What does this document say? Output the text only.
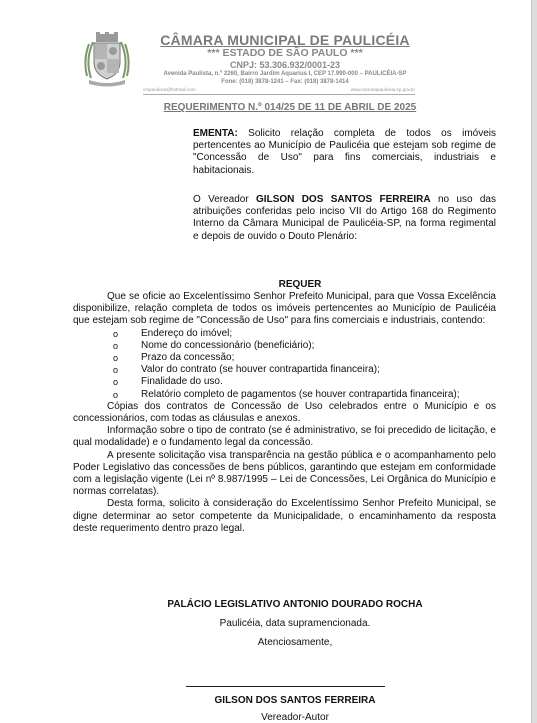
CÂMARA MUNICIPAL DE PAULICÉIA
*** ESTADO DE SÃO PAULO ***
CNPJ: 53.306.932/0001-23
Avenida Paulista, n.º 2260, Bairro Jardim Aquarius I, CEP 17.990-000 – PAULICÉIA-SP
Fone: (018) 3878-1241 – Fax: (018) 3878-1414
cmpaulicea@hotmail.com	www.camarapauliceia.sp.gov.br
REQUERIMENTO N.º 014/25 DE 11 DE ABRIL DE 2025
EMENTA: Solicito relação completa de todos os imóveis pertencentes ao Município de Paulicéia que estejam sob regime de "Concessão de Uso" para fins comerciais, industriais e habitacionais.
O Vereador GILSON DOS SANTOS FERREIRA no uso das atribuições conferidas pelo inciso VII do Artigo 168 do Regimento Interno da Câmara Municipal de Paulicéia-SP, na forma regimental e depois de ouvido o Douto Plenário:
REQUER

Que se oficie ao Excelentíssimo Senhor Prefeito Municipal, para que Vossa Excelência disponibilize, relação completa de todos os imóveis pertencentes ao Município de Paulicéia que estejam sob regime de "Concessão de Uso" para fins comerciais e industriais, contendo:

o Endereço do imóvel;
o Nome do concessionário (beneficiário);
o Prazo da concessão;
o Valor do contrato (se houver contrapartida financeira);
o Finalidade do uso.
o Relatório completo de pagamentos (se houver contrapartida financeira);

Cópias dos contratos de Concessão de Uso celebrados entre o Município e os concessionários, com todas as cláusulas e anexos.

Informação sobre o tipo de contrato (se é administrativo, se foi precedido de licitação, e qual modalidade) e o fundamento legal da concessão.

A presente solicitação visa transparência na gestão pública e o acompanhamento pelo Poder Legislativo das concessões de bens públicos, garantindo que estejam em conformidade com a legislação vigente (Lei nº 8.987/1995 – Lei de Concessões, Lei Orgânica do Município e normas correlatas).

Desta forma, solicito à consideração do Excelentíssimo Senhor Prefeito Municipal, se digne determinar ao setor competente da Municipalidade, o encaminhamento da resposta deste requerimento dentro prazo legal.

PALÁCIO LEGISLATIVO ANTONIO DOURADO ROCHA
Paulicéia, data supramencionada.
Atenciosamente,
GILSON DOS SANTOS FERREIRA
Vereador-Autor
